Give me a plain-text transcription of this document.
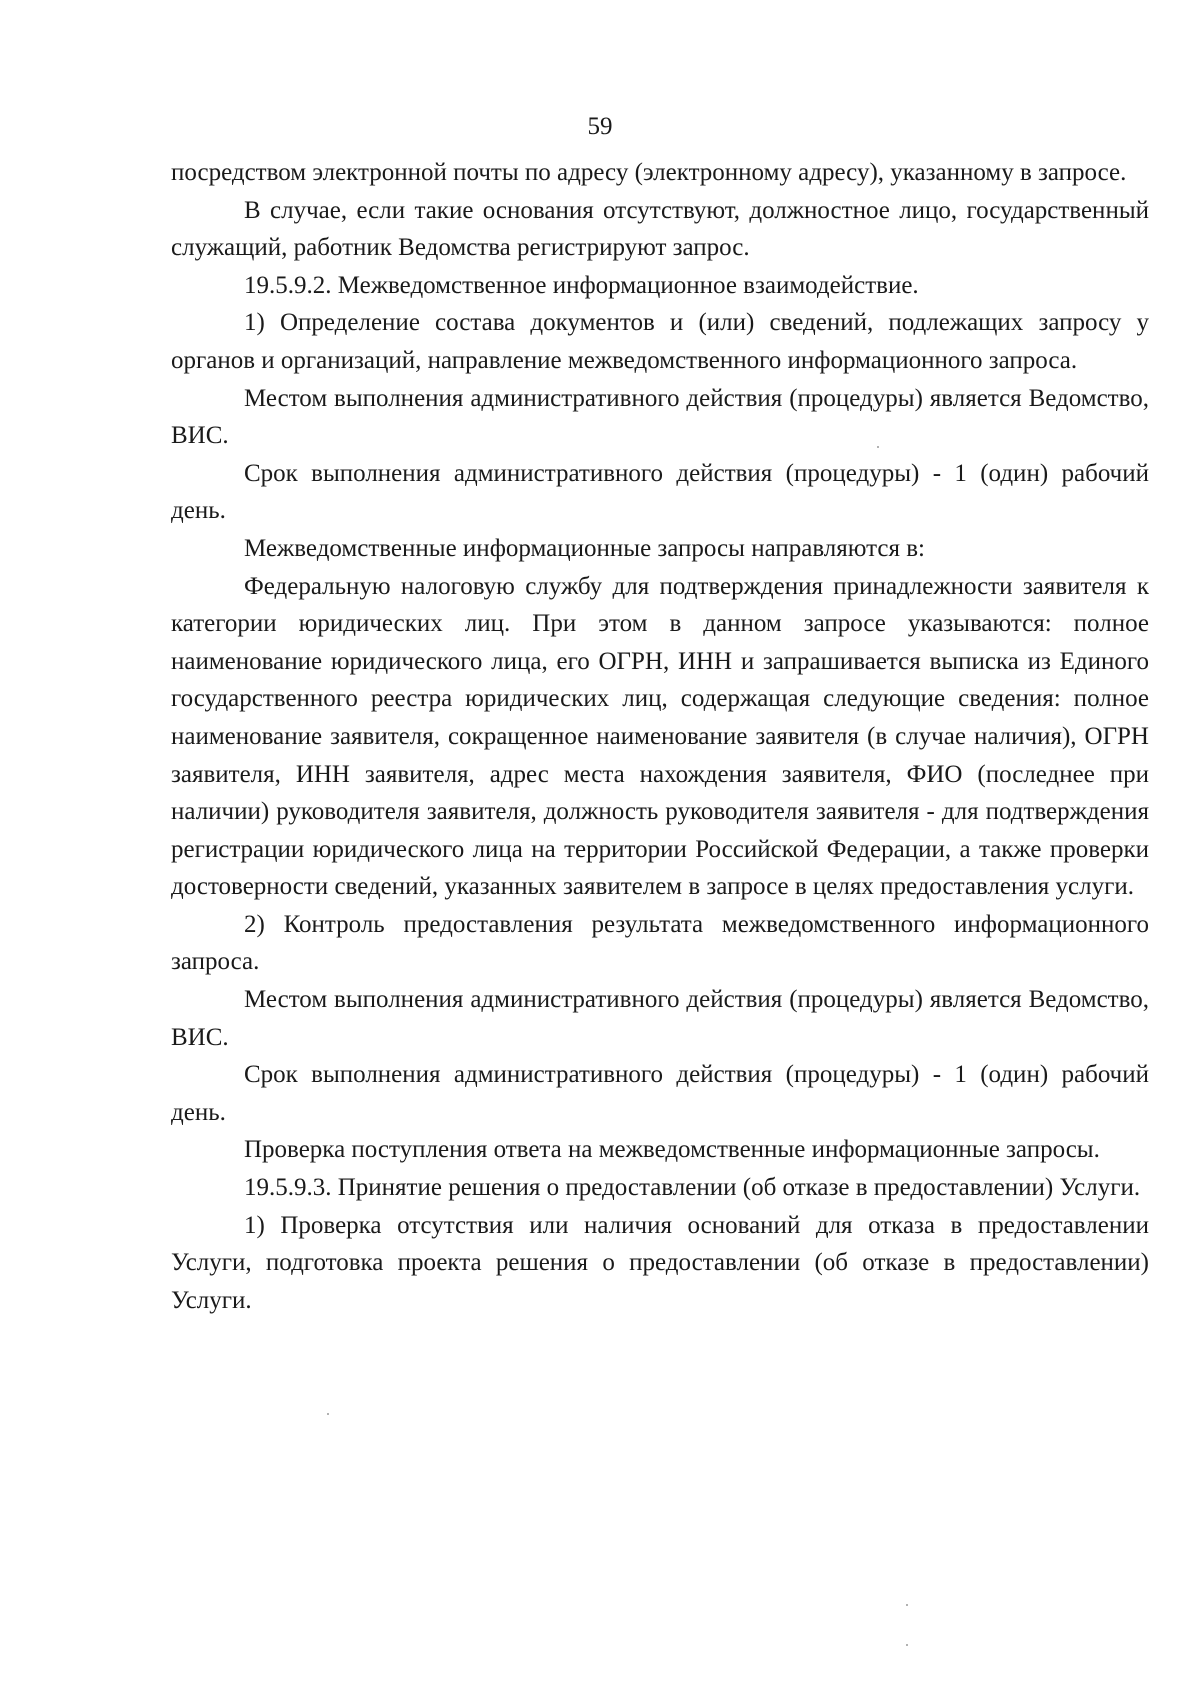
59

посредством электронной почты по адресу (электронному адресу), указанному в запросе.

В случае, если такие основания отсутствуют, должностное лицо, государственный служащий, работник Ведомства регистрируют запрос.

19.5.9.2. Межведомственное информационное взаимодействие.

1) Определение состава документов и (или) сведений, подлежащих запросу у органов и организаций, направление межведомственного информационного запроса.

Местом выполнения административного действия (процедуры) является Ведомство, ВИС.

Срок выполнения административного действия (процедуры) - 1 (один) рабочий день.

Межведомственные информационные запросы направляются в:

Федеральную налоговую службу для подтверждения принадлежности заявителя к категории юридических лиц. При этом в данном запросе указываются: полное наименование юридического лица, его ОГРН, ИНН и запрашивается выписка из Единого государственного реестра юридических лиц, содержащая следующие сведения: полное наименование заявителя, сокращенное наименование заявителя (в случае наличия), ОГРН заявителя, ИНН заявителя, адрес места нахождения заявителя, ФИО (последнее при наличии) руководителя заявителя, должность руководителя заявителя - для подтверждения регистрации юридического лица на территории Российской Федерации, а также проверки достоверности сведений, указанных заявителем в запросе в целях предоставления услуги.

2) Контроль предоставления результата межведомственного информационного запроса.

Местом выполнения административного действия (процедуры) является Ведомство, ВИС.

Срок выполнения административного действия (процедуры) - 1 (один) рабочий день.

Проверка поступления ответа на межведомственные информационные запросы.

19.5.9.3. Принятие решения о предоставлении (об отказе в предоставлении) Услуги.

1) Проверка отсутствия или наличия оснований для отказа в предоставлении Услуги, подготовка проекта решения о предоставлении (об отказе в предоставлении) Услуги.
